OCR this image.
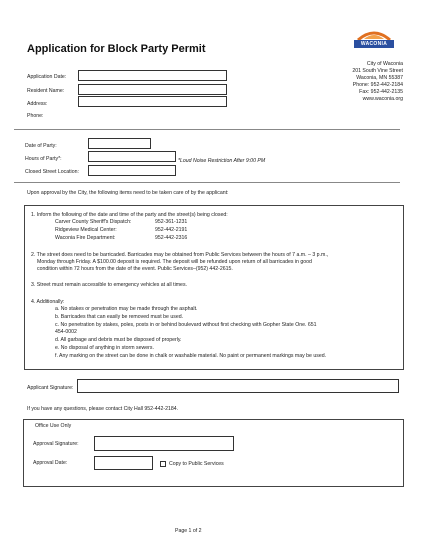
Application for Block Party Permit	WACONIA
City of Waconia
201 South Vine Street
Waconia, MN 55387
Phone: 952-442-2184
Fax: 952-442-2135
www.waconia.org
Application Date:
Resident Name:
Address:
Phone:
Date of Party:
Hours of Party*:	*Loud Noise Restriction After 9:00 PM
Closed Street Location:
Upon approval by the City, the following items need to be taken care of by the applicant:
1. Inform the following of the date and time of the party and the street(s) being closed:
Carver County Sheriff's Dispatch:	952-361-1231
Ridgeview Medical Center:	952-442-2191
Waconia Fire Department:	952-442-2316
2. The street does need to be barricaded. Barricades may be obtained from Public Services between the hours of 7 a.m. – 3 p.m.,
Monday through Friday. A $100.00 deposit is required. The deposit will be refunded upon return of all barricades in good
condition within 72 hours from the date of the event. Public Services–(952) 442-2615.
3. Street must remain accessible to emergency vehicles at all times.
4. Additionally:
a. No stakes or penetration may be made through the asphalt.
b. Barricades that can easily be removed must be used.
c. No penetration by stakes, poles, posts in or behind boulevard without first checking with Gopher State One. 651
454-0002
d. All garbage and debris must be disposed of properly.
e. No disposal of anything in storm sewers.
f. Any marking on the street can be done in chalk or washable material. No paint or permanent markings may be used.
Applicant Signature:
If you have any questions, please contact City Hall 952-442-2184.
Office Use Only
Approval Signature:
Approval Date:	Copy to Public Services
Page 1 of 2
